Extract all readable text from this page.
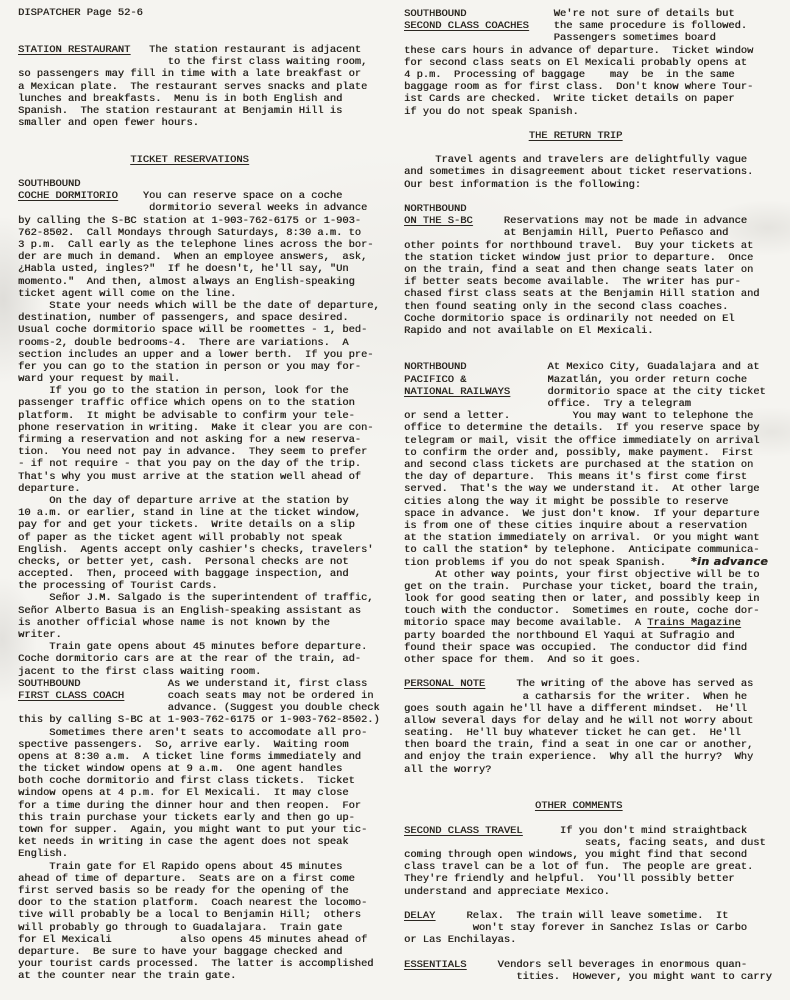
DISPATCHER Page 52-6
STATION RESTAURANT   The station restaurant is adjacent
to the first class waiting room,
so passengers may fill in time with a late breakfast or
a Mexican plate.  The restaurant serves snacks and plate
lunches and breakfasts.  Menu is in both English and
Spanish.  The station restaurant at Benjamin Hill is
smaller and open fewer hours.

TICKET RESERVATIONS

SOUTHBOUND
COCHE DORMITORIO    You can reserve space on a coche
dormitorio several weeks in advance
by calling the S-BC station at 1-903-762-6175 or 1-903-
762-8502.  Call Mondays through Saturdays, 8:30 a.m. to
3 p.m.  Call early as the telephone lines across the bor-
der are much in demand.  When an employee answers,  ask,
¿Habla usted, ingles?"  If he doesn't, he'll say, "Un
momento."  And then, almost always an English-speaking
ticket agent will come on the line.
State your needs which will be the date of departure,
destination, number of passengers, and space desired.
Usual coche dormitorio space will be roomettes - 1, bed-
rooms-2, double bedrooms-4.  There are variations.  A
section includes an upper and a lower berth.  If you pre-
fer you can go to the station in person or you may for-
ward your request by mail.
If you go to the station in person, look for the
passenger traffic office which opens on to the station
platform.  It might be advisable to confirm your tele-
phone reservation in writing.  Make it clear you are con-
firming a reservation and not asking for a new reserva-
tion.  You need not pay in advance.  They seem to prefer
- if not require - that you pay on the day of the trip.
That's why you must arrive at the station well ahead of
departure.
On the day of departure arrive at the station by
10 a.m. or earlier, stand in line at the ticket window,
pay for and get your tickets.  Write details on a slip
of paper as the ticket agent will probably not speak
English.  Agents accept only cashier's checks, travelers'
checks, or better yet, cash.  Personal checks are not
accepted.  Then, proceed with baggage inspection, and
the processing of Tourist Cards.
Señor J.M. Salgado is the superintendent of traffic,
Señor Alberto Basua is an English-speaking assistant as
is another official whose name is not known by the
writer.
Train gate opens about 45 minutes before departure.
Coche dormitorio cars are at the rear of the train, ad-
jacent to the first class waiting room.
SOUTHBOUND              As we understand it, first class
FIRST CLASS COACH       coach seats may not be ordered in
advance. (Suggest you double check
this by calling S-BC at 1-903-762-6175 or 1-903-762-8502.)
Sometimes there aren't seats to accomodate all pro-
spective passengers.  So, arrive early.  Waiting room
opens at 8:30 a.m.  A ticket line forms immediately and
the ticket window opens at 9 a.m.  One agent handles
both coche dormitorio and first class tickets.  Ticket
window opens at 4 p.m. for El Mexicali.  It may close
for a time during the dinner hour and then reopen.  For
this train purchase your tickets early and then go up-
town for supper.  Again, you might want to put your tic-
ket needs in writing in case the agent does not speak
English.
Train gate for El Rapido opens about 45 minutes
ahead of time of departure.  Seats are on a first come
first served basis so be ready for the opening of the
door to the station platform.  Coach nearest the locomo-
tive will probably be a local to Benjamin Hill;  others
will probably go through to Guadalajara.  Train gate
for El Mexicali           also opens 45 minutes ahead of
departure.  Be sure to have your baggage checked and
your tourist cards processed.  The latter is accomplished
at the counter near the train gate.
SOUTHBOUND              We're not sure of details but
SECOND CLASS COACHES    the same procedure is followed.
Passengers sometimes board
these cars hours in advance of departure.  Ticket window
for second class seats on El Mexicali probably opens at
4 p.m.  Processing of baggage    may  be  in the same
baggage room as for first class.  Don't know where Tour-
ist Cards are checked.  Write ticket details on paper
if you do not speak Spanish.

THE RETURN TRIP

Travel agents and travelers are delightfully vague
and sometimes in disagreement about ticket reservations.
Our best information is the following:

NORTHBOUND
ON THE S-BC     Reservations may not be made in advance
at Benjamin Hill, Puerto Peñasco and
other points for northbound travel.  Buy your tickets at
the station ticket window just prior to departure.  Once
on the train, find a seat and then change seats later on
if better seats become available.  The writer has pur-
chased first class seats at the Benjamin Hill station and
then found seating only in the second class coaches.
Coche dormitorio space is ordinarily not needed on El
Rapido and not available on El Mexicali.

NORTHBOUND             At Mexico City, Guadalajara and at
PACIFICO &             Mazatlán, you order return coche
NATIONAL RAILWAYS      dormitorio space at the city ticket
office.  Try a telegram
or send a letter.          You may want to telephone the
office to determine the details.  If you reserve space by
telegram or mail, visit the office immediately on arrival
to confirm the order and, possibly, make payment.  First
and second class tickets are purchased at the station on
the day of departure.  This means it's first come first
served.  That's the way we understand it.  At other large
cities along the way it might be possible to reserve
space in advance.  We just don't know.  If your departure
is from one of these cities inquire about a reservation
at the station immediately on arrival.  Or you might want
to call the station* by telephone.  Anticipate communica-
tion problems if you do not speak Spanish.    *in advance
At other way points, your first objective will be to
get on the train.  Purchase your ticket, board the train,
look for good seating then or later, and possibly keep in
touch with the conductor.  Sometimes en route, coche dor-
mitorio space may become available.  A Trains Magazine
party boarded the northbound El Yaqui at Sufragio and
found their space was occupied.  The conductor did find
other space for them.  And so it goes.

PERSONAL NOTE     The writing of the above has served as
a catharsis for the writer.  When he
goes south again he'll have a different mindset.  He'll
allow several days for delay and he will not worry about
seating.  He'll buy whatever ticket he can get.  He'll
then board the train, find a seat in one car or another,
and enjoy the train experience.  Why all the hurry?  Why
all the worry?

OTHER COMMENTS

SECOND CLASS TRAVEL      If you don't mind straightback
seats, facing seats, and dust
coming through open windows, you might find that second
class travel can be a lot of fun.  The people are great.
They're friendly and helpful.  You'll possibly better
understand and appreciate Mexico.

DELAY     Relax.  The train will leave sometime.  It
won't stay forever in Sanchez Islas or Carbo
or Las Enchilayas.

ESSENTIALS     Vendors sell beverages in enormous quan-
tities.  However, you might want to carry
